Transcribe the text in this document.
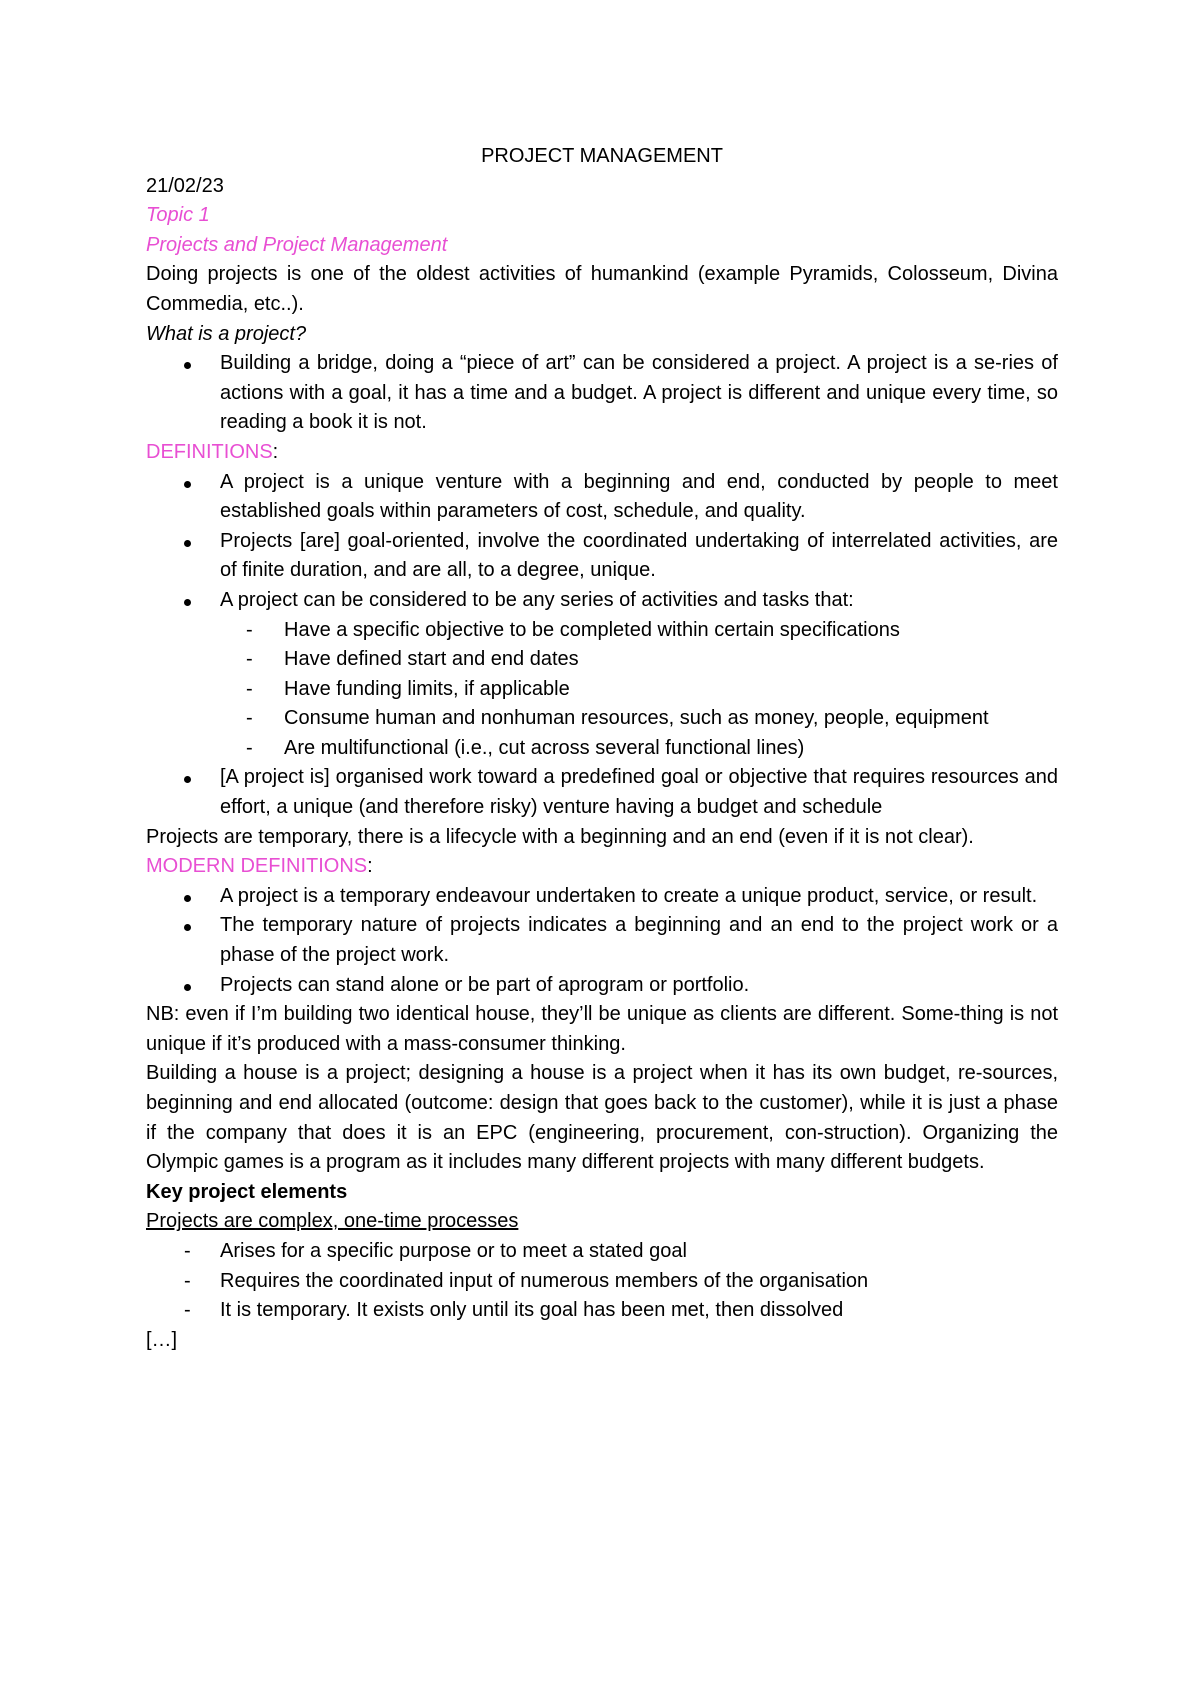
PROJECT MANAGEMENT

21/02/23

Topic 1

Projects and Project Management

Doing projects is one of the oldest activities of humankind (example Pyramids, Colosseum, Divina Commedia, etc..).

What is a project?

Building a bridge, doing a “piece of art” can be considered a project. A project is a se-ries of actions with a goal, it has a time and a budget. A project is different and unique every time, so reading a book it is not.

DEFINITIONS:

A project is a unique venture with a beginning and end, conducted by people to meet established goals within parameters of cost, schedule, and quality.
Projects [are] goal-oriented, involve the coordinated undertaking of interrelated activities, are of finite duration, and are all, to a degree, unique.
A project can be considered to be any series of activities and tasks that:
- Have a specific objective to be completed within certain specifications
- Have defined start and end dates
- Have funding limits, if applicable
- Consume human and nonhuman resources, such as money, people, equipment
- Are multifunctional (i.e., cut across several functional lines)
[A project is] organised work toward a predefined goal or objective that requires resources and effort, a unique (and therefore risky) venture having a budget and schedule

Projects are temporary, there is a lifecycle with a beginning and an end (even if it is not clear).

MODERN DEFINITIONS:

A project is a temporary endeavour undertaken to create a unique product, service, or result.
The temporary nature of projects indicates a beginning and an end to the project work or a phase of the project work.
Projects can stand alone or be part of aprogram or portfolio.

NB: even if I’m building two identical house, they’ll be unique as clients are different. Some-thing is not unique if it’s produced with a mass-consumer thinking.

Building a house is a project; designing a house is a project when it has its own budget, re-sources, beginning and end allocated (outcome: design that goes back to the customer), while it is just a phase if the company that does it is an EPC (engineering, procurement, con-struction). Organizing the Olympic games is a program as it includes many different projects with many different budgets.

Key project elements

Projects are complex, one-time processes

- Arises for a specific purpose or to meet a stated goal
- Requires the coordinated input of numerous members of the organisation
- It is temporary. It exists only until its goal has been met, then dissolved

[…]
